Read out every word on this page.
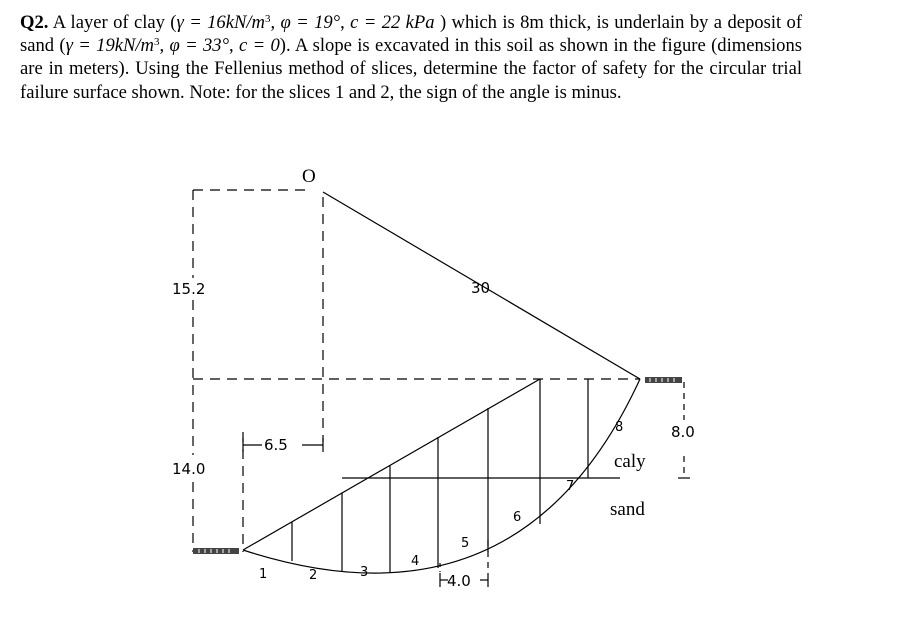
Q2. A layer of clay ($\gamma = 16kN/m^3$, φ = 19°, c = 22 kPa ) which is 8m thick, is underlain by a deposit of sand ($\gamma = 19kN/m^3$, φ = 33°, c = 0). A slope is excavated in this soil as shown in the figure (dimensions are in meters). Using the Fellenius method of slices, determine the factor of safety for the circular trial failure surface shown. Note: for the slices 1 and 2, the sign of the angle is minus.
O
30
15.2
14.0
6.5
4.0
8.0
caly
sand
1	2	3
4
5
6
7
8
